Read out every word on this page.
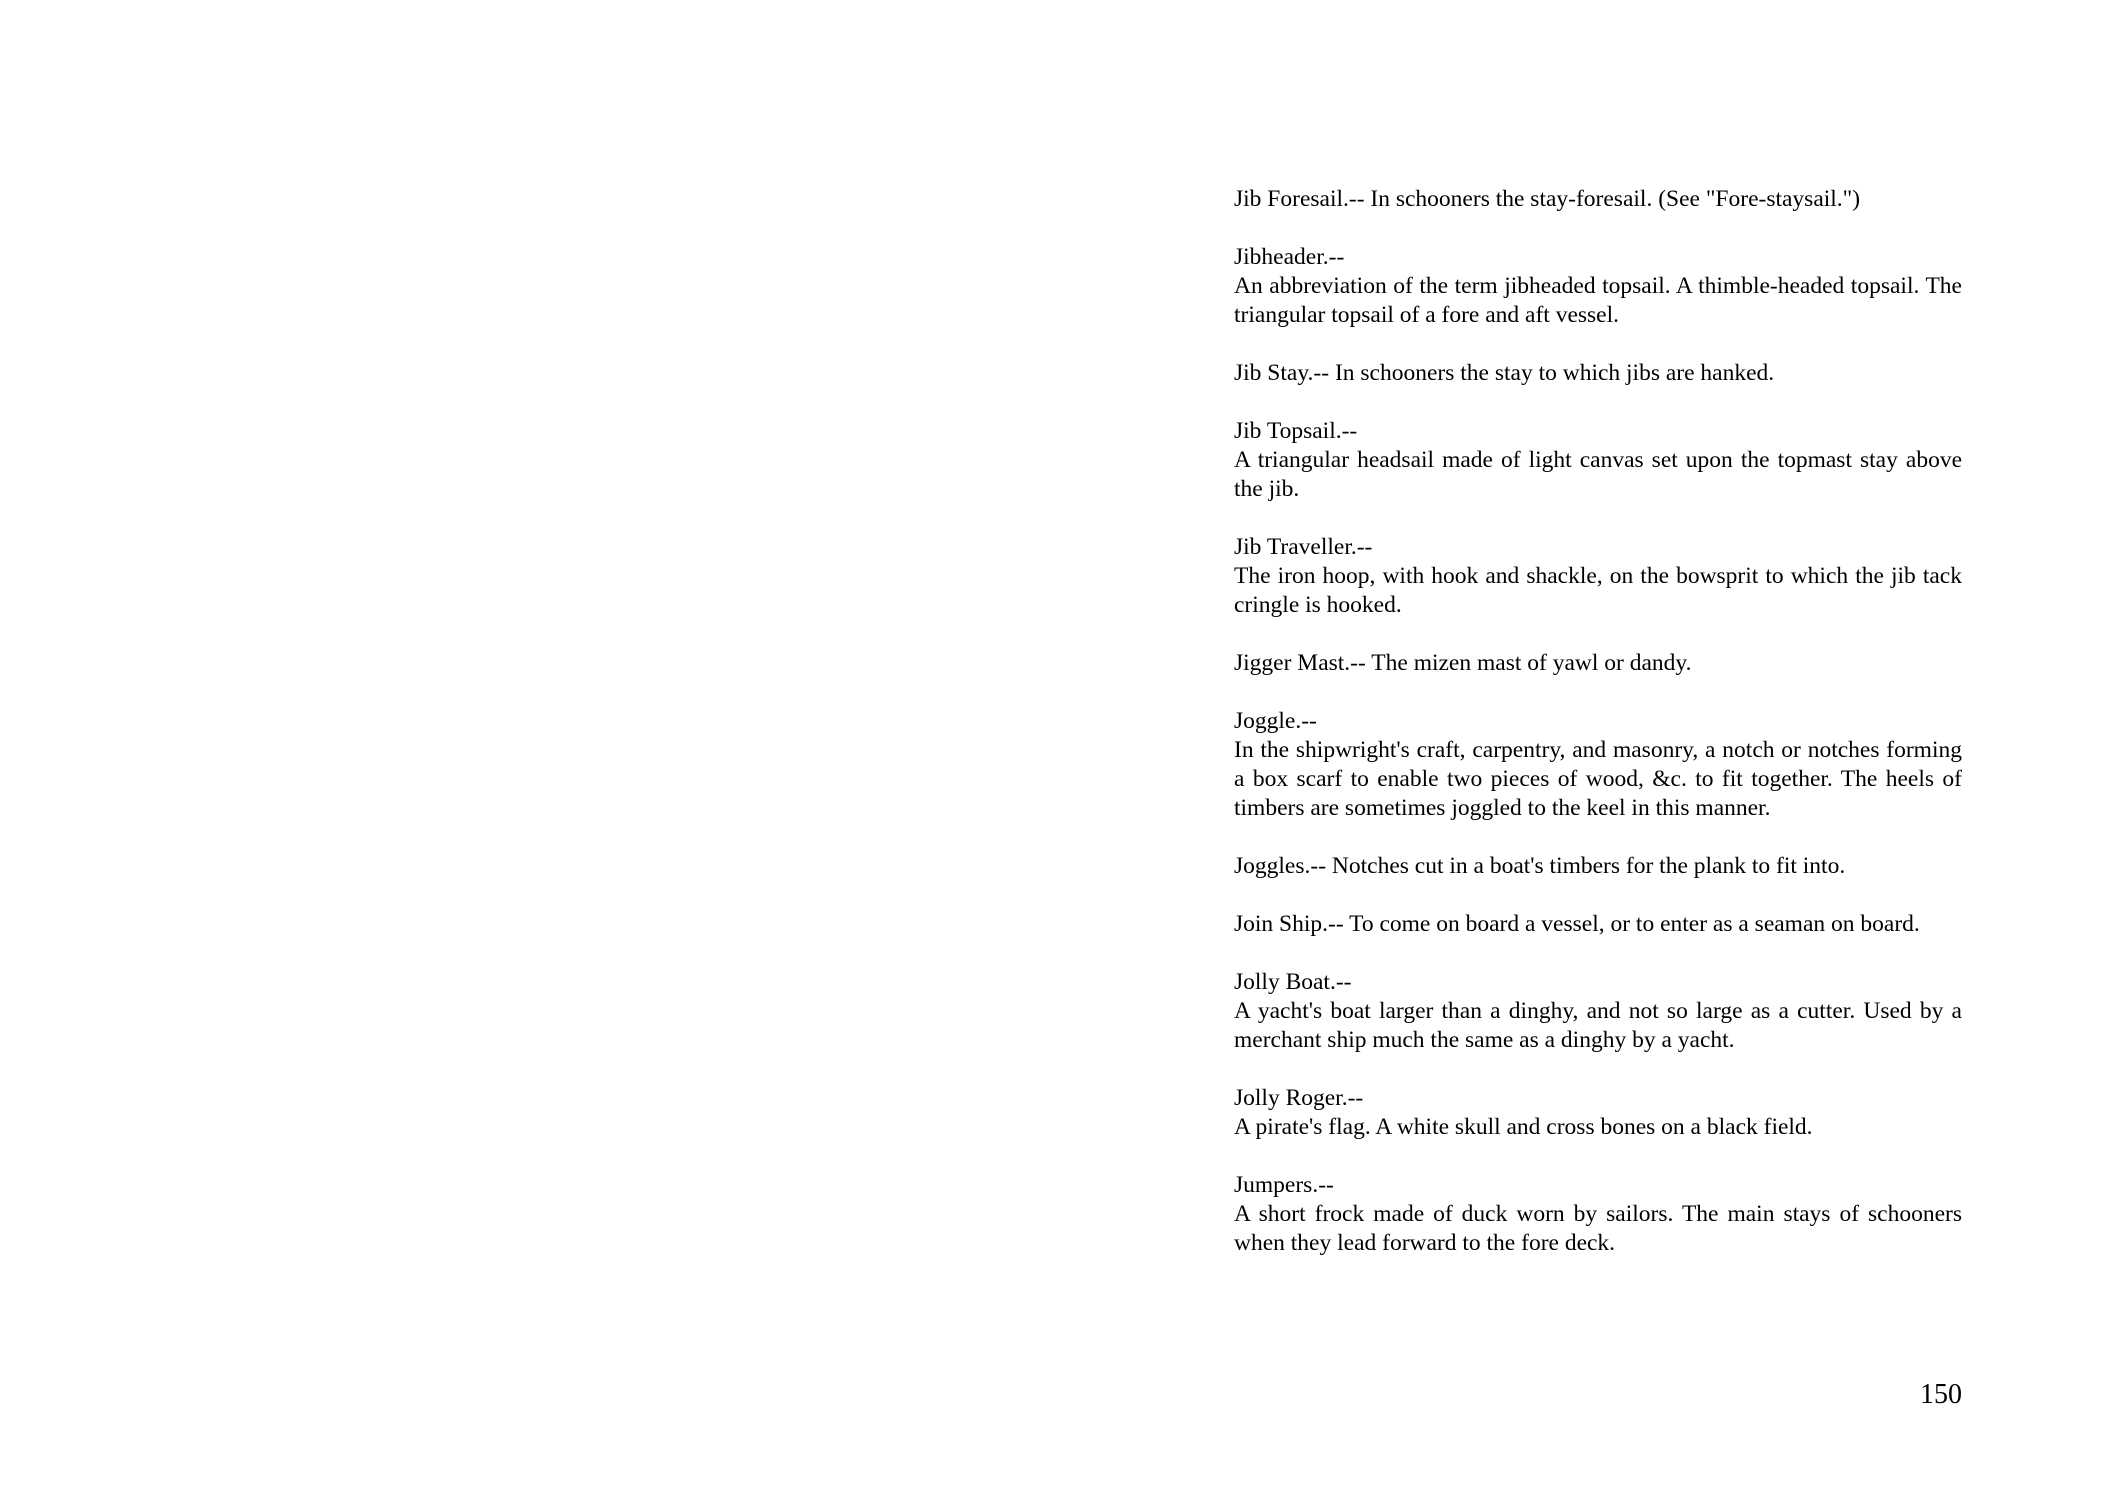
Jib Foresail.-- In schooners the stay-foresail. (See "Fore-staysail.")
Jibheader.--
An abbreviation of the term jibheaded topsail. A thimble-headed topsail. The triangular topsail of a fore and aft vessel.
Jib Stay.-- In schooners the stay to which jibs are hanked.
Jib Topsail.--
A triangular headsail made of light canvas set upon the topmast stay above the jib.
Jib Traveller.--
The iron hoop, with hook and shackle, on the bowsprit to which the jib tack cringle is hooked.
Jigger Mast.-- The mizen mast of yawl or dandy.
Joggle.--
In the shipwright's craft, carpentry, and masonry, a notch or notches forming a box scarf to enable two pieces of wood, &c. to fit together. The heels of timbers are sometimes joggled to the keel in this manner.
Joggles.-- Notches cut in a boat's timbers for the plank to fit into.
Join Ship.-- To come on board a vessel, or to enter as a seaman on board.
Jolly Boat.--
A yacht's boat larger than a dinghy, and not so large as a cutter. Used by a merchant ship much the same as a dinghy by a yacht.
Jolly Roger.--
A pirate's flag. A white skull and cross bones on a black field.
Jumpers.--
A short frock made of duck worn by sailors. The main stays of schooners when they lead forward to the fore deck.
150
